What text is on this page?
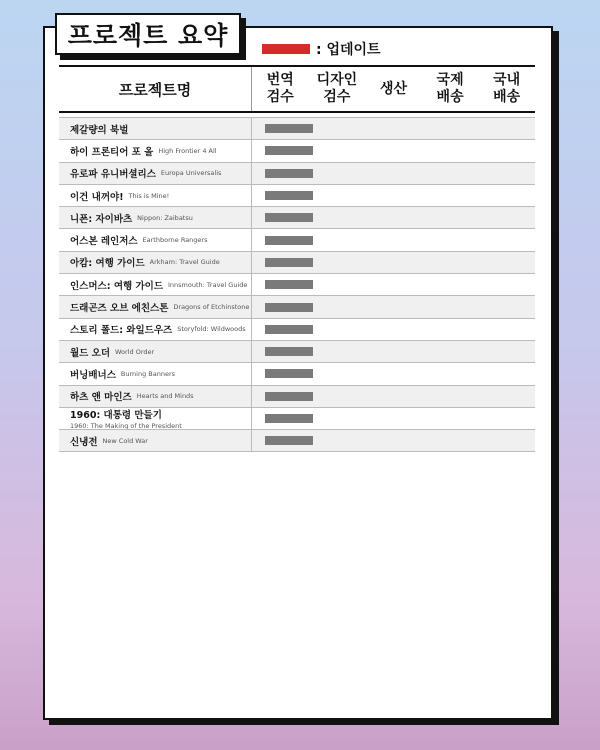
프로젝트 요약	: 업데이트
프로젝트명
번역
검수
디자인
검수
생산
국제
배송
국내
배송
제갈량의 북벌
하이 프론티어 포 올 High Frontier 4 All
유로파 유니버셜리스 Europa Universalis
이건 내꺼야! This is Mine!
니폰: 자이바츠 Nippon: Zaibatsu
어스본 레인저스 Earthborne Rangers
아캄: 여행 가이드 Arkham: Travel Guide
인스머스: 여행 가이드 Innsmouth: Travel Guide
드래곤즈 오브 에친스톤 Dragons of Etchinstone
스토리 폴드: 와일드우즈 Storyfold: Wildwoods
월드 오더 World Order
버닝배너스 Burning Banners
하츠 앤 마인즈 Hearts and Minds
1960: 대통령 만들기
1960: The Making of the President
신냉전 New Cold War
